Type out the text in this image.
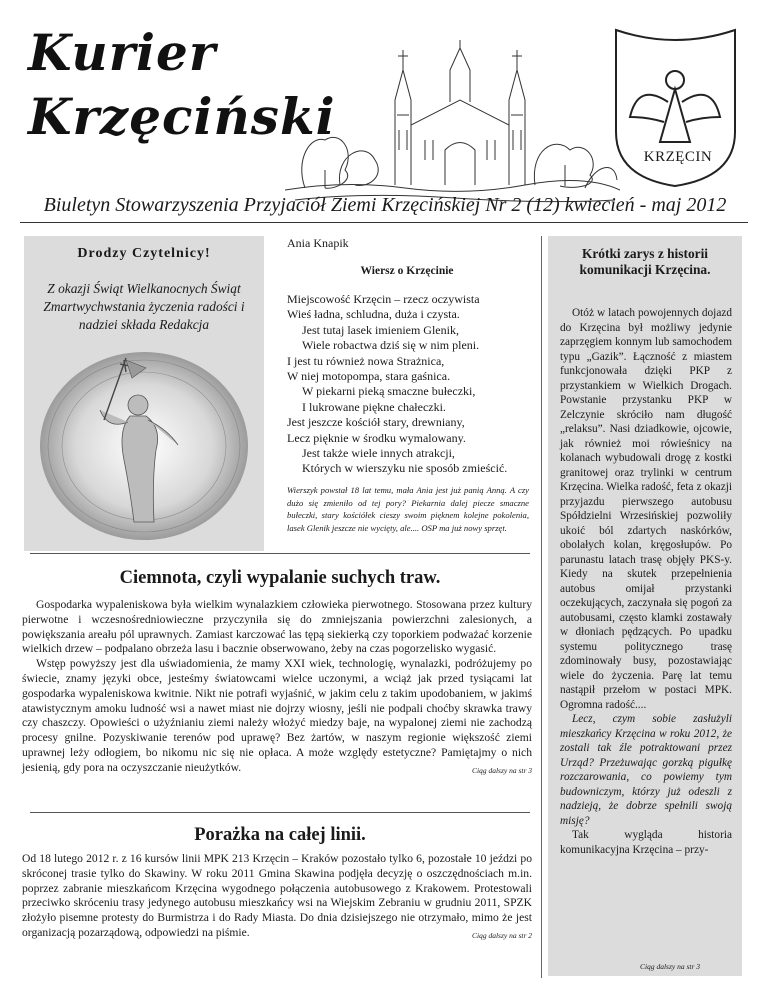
Kurier
Krzęciński
KRZĘCIN
Biuletyn Stowarzyszenia Przyjaciół Ziemi Krzęcińskiej Nr 2 (12) kwiecień - maj 2012
Drodzy Czytelnicy!
Z okazji Świąt Wielkanocnych Świąt Zmartwychwstania życzenia radości i nadziei składa Redakcja
Ania Knapik
Wiersz o Krzęcinie
Miejscowość Krzęcin – rzecz oczywista
Wieś ładna, schludna, duża i czysta.
Jest tutaj lasek imieniem Glenik,
Wiele robactwa dziś się w nim pleni.
I jest tu również nowa Strażnica,
W niej motopompa, stara gaśnica.
W piekarni pieką smaczne bułeczki,
I lukrowane piękne chałeczki.
Jest jeszcze kościół stary, drewniany,
Lecz pięknie w środku wymalowany.
Jest także wiele innych atrakcji,
Których w wierszyku nie sposób zmieścić.
Wierszyk powstał 18 lat temu, mała Ania jest już panią Anną. A czy dużo się zmieniło od tej pory? Piekarnia dalej piecze smaczne bułeczki, stary kościółek cieszy swoim pięknem kolejne pokolenia, lasek Glenik jeszcze nie wycięty, ale.... OSP ma już nowy sprzęt.
Ciemnota, czyli wypalanie suchych traw.

Gospodarka wypaleniskowa była wielkim wynalazkiem człowieka pierwotnego. Stosowana przez kultury pierwotne i wczesnośredniowieczne przyczyniła się do zmniejszania powierzchni zalesionych, a powiększania areału pól uprawnych. Zamiast karczować las tępą siekierką czy toporkiem podważać korzenie wielkich drzew – podpalano obrzeża lasu i bacznie obserwowano, żeby na czas pogorzelisko wygasić.

Wstęp powyższy jest dla uświadomienia, że mamy XXI wiek, technologię, wynalazki, podróżujemy po świecie, znamy języki obce, jesteśmy światowcami wielce uczonymi, a wciąż jak przed tysiącami lat gospodarka wypaleniskowa kwitnie. Nikt nie potrafi wyjaśnić, w jakim celu z takim upodobaniem, w jakimś atawistycznym amoku ludność wsi a nawet miast nie dojrzy wiosny, jeśli nie podpali choćby skrawka trawy czy chaszczy. Opowieści o użyźnianiu ziemi należy włożyć miedzy baje, na wypalonej ziemi nie zachodzą procesy gnilne. Pozyskiwanie terenów pod uprawę? Bez żartów, w naszym regionie większość ziemi uprawnej leży odłogiem, bo nikomu nic się nie opłaca. A może względy estetyczne? Pamiętajmy o nich jesienią, gdy pora na oczyszczanie nieużytków.	Ciąg dalszy na str 3

Porażka na całej linii.

Od 18 lutego 2012 r. z 16 kursów linii MPK 213 Krzęcin – Kraków pozostało tylko 6, pozostałe 10 jeździ po skróconej trasie tylko do Skawiny. W roku 2011 Gmina Skawina podjęła decyzję o oszczędnościach m.in. poprzez zabranie mieszkańcom Krzęcina wygodnego połączenia autobusowego z Krakowem. Protestowali przeciwko skróceniu trasy jedynego autobusu mieszkańcy wsi na Wiejskim Zebraniu w grudniu 2011, SPZK złożyło pisemne protesty do Burmistrza i do Rady Miasta. Do dnia dzisiejszego nie otrzymało, mimo że jest organizacją pozarządową, odpowiedzi na piśmie.	Ciąg dalszy na str 2

Krótki zarys z historii komunikacji Krzęcina.

Otóż w latach powojennych dojazd do Krzęcina był możliwy jedynie zaprzęgiem konnym lub samochodem typu „Gazik”. Łączność z miastem funkcjonowała dzięki PKP z przystankiem w Wielkich Drogach. Powstanie przystanku PKP w Zelczynie skróciło nam długość „relaksu”. Nasi dziadkowie, ojcowie, jak również moi rówieśnicy na kolanach wybudowali drogę z kostki granitowej oraz trylinki w centrum Krzęcina. Wielka radość, feta z okazji przyjazdu pierwszego autobusu Spółdzielni Wrzesińskiej pozwoliły ukoić ból zdartych naskórków, obolałych kolan, kręgosłupów. Po parunastu latach trasę objęły PKS-y. Kiedy na skutek przepełnienia autobus omijał przystanki oczekujących, zaczynała się pogoń za autobusami, często klamki zostawały w dłoniach pędzących. Po upadku systemu politycznego trasę zdominowały busy, pozostawiając wiele do życzenia. Parę lat temu nastąpił przełom w postaci MPK. Ogromna radość....

Lecz, czym sobie zasłużyli mieszkańcy Krzęcina w roku 2012, że zostali tak źle potraktowani przez Urząd? Przeżuwając gorzką pigułkę rozczarowania, co powiemy tym budowniczym, którzy już odeszli z nadzieją, że dobrze spełnili swoją misję?

Tak wygląda historia komunikacyjna Krzęcina – przy-

Ciąg dalszy na str 3
